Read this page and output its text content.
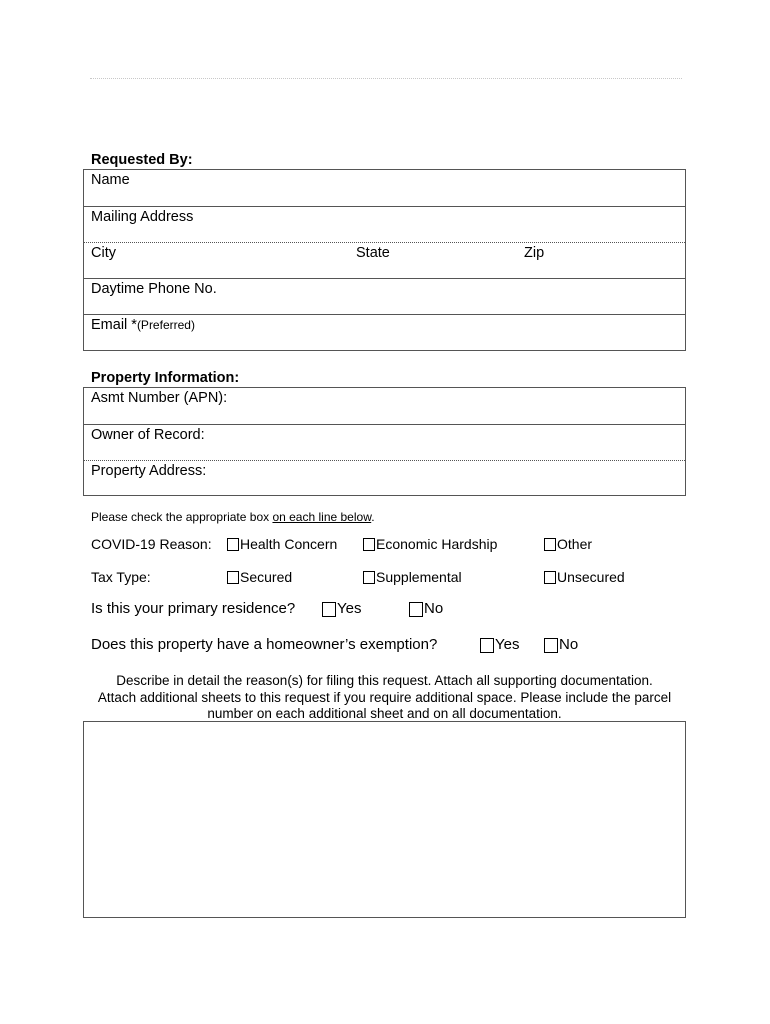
Requested By:
Name
Mailing Address
City	State	Zip
Daytime Phone No.
Email *(Preferred)
Property Information:
Asmt Number (APN):
Owner of Record:
Property Address:
Please check the appropriate box on each line below.
COVID-19 Reason: Health Concern	Economic Hardship	Other
Tax Type:	Secured	Supplemental	Unsecured
Is this your primary residence?	Yes	No
Does this property have a homeowner’s exemption?	Yes	No
Describe in detail the reason(s) for filing this request. Attach all supporting documentation.
Attach additional sheets to this request if you require additional space. Please include the parcel
number on each additional sheet and on all documentation.
